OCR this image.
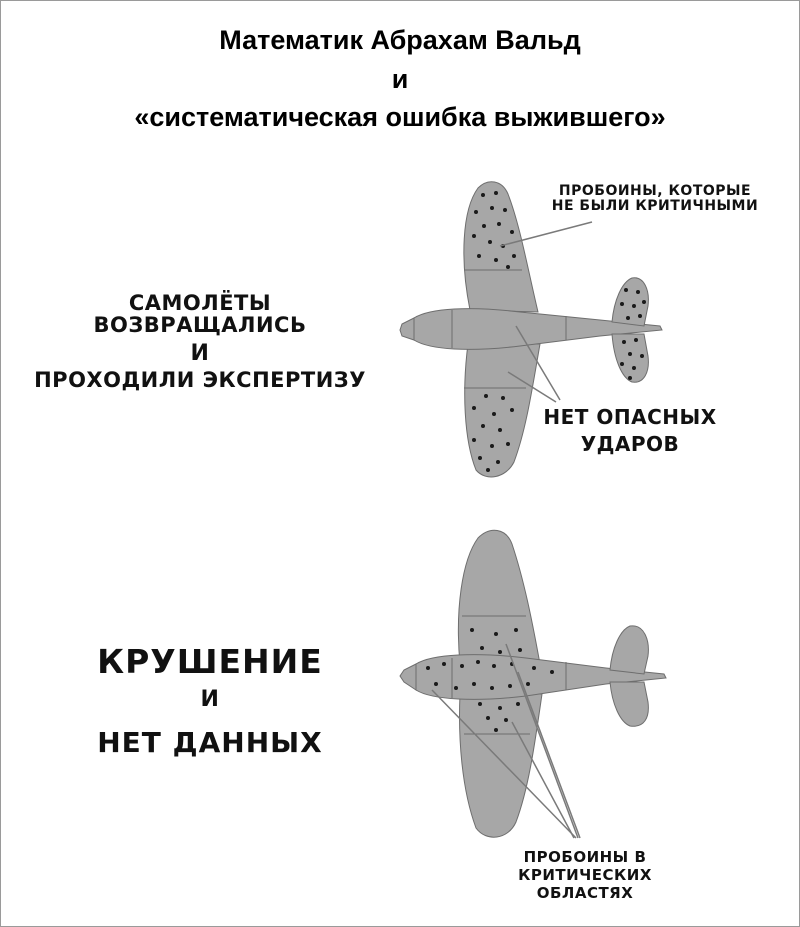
Математик Абрахам Вальд
и
«систематическая ошибка выжившего»
САМОЛЁТЫ ВОЗВРАЩАЛИСЬ
И
ПРОХОДИЛИ ЭКСПЕРТИЗУ
ПРОБОИНЫ, КОТОРЫЕ
НЕ БЫЛИ КРИТИЧНЫМИ
НЕТ ОПАСНЫХ
УДАРОВ
КРУШЕНИЕ
И
НЕТ ДАННЫХ
ПРОБОИНЫ В
КРИТИЧЕСКИХ
ОБЛАСТЯХ
